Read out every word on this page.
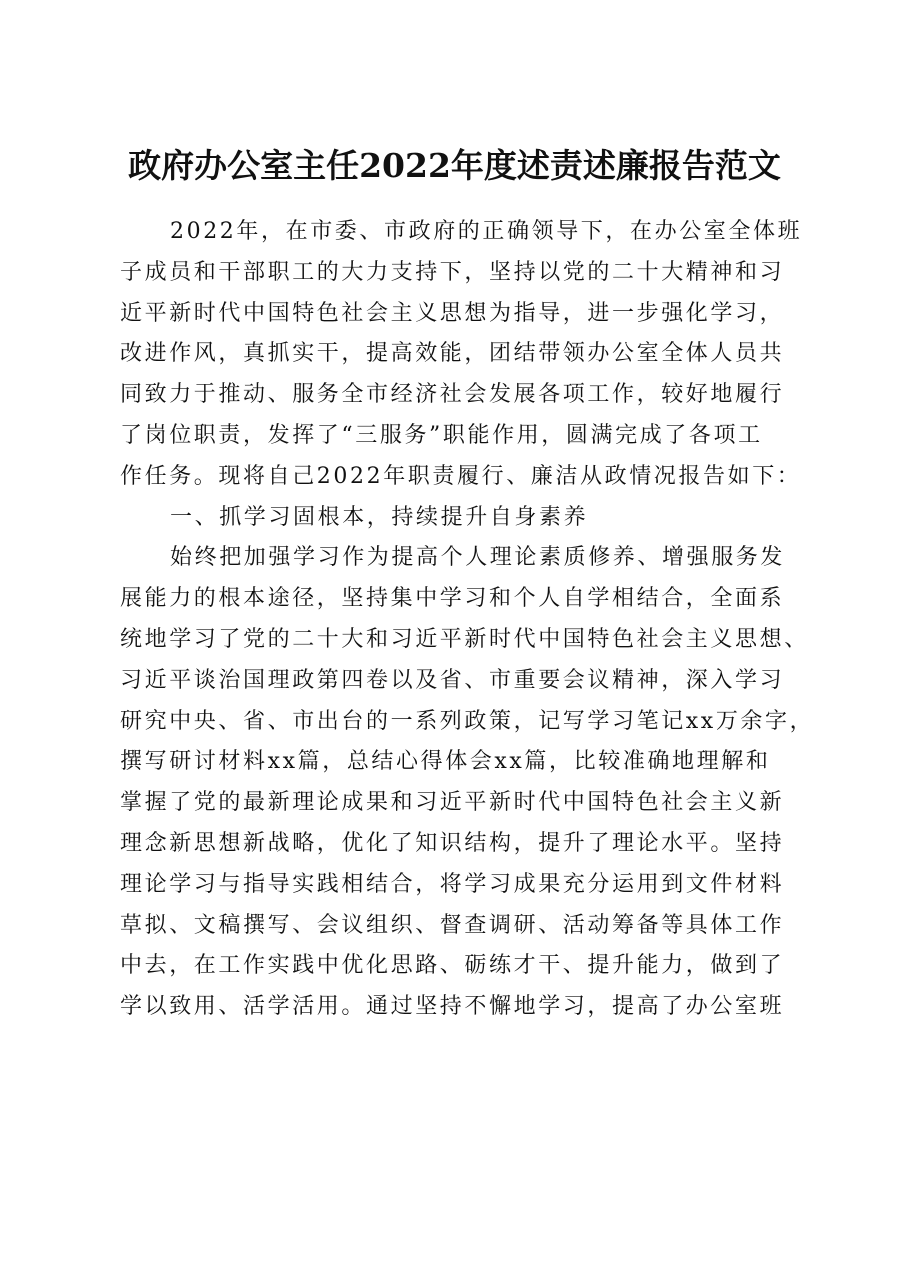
政府办公室主任2022年度述责述廉报告范文
2022年，在市委、市政府的正确领导下，在办公室全体班
子成员和干部职工的大力支持下，坚持以党的二十大精神和习
近平新时代中国特色社会主义思想为指导，进一步强化学习，
改进作风，真抓实干，提高效能，团结带领办公室全体人员共
同致力于推动、服务全市经济社会发展各项工作，较好地履行
了岗位职责，发挥了“三服务”职能作用，圆满完成了各项工
作任务。现将自己2022年职责履行、廉洁从政情况报告如下：
一、抓学习固根本，持续提升自身素养
始终把加强学习作为提高个人理论素质修养、增强服务发
展能力的根本途径，坚持集中学习和个人自学相结合，全面系
统地学习了党的二十大和习近平新时代中国特色社会主义思想、
习近平谈治国理政第四卷以及省、市重要会议精神，深入学习
研究中央、省、市出台的一系列政策，记写学习笔记xx万余字，
撰写研讨材料xx篇，总结心得体会xx篇，比较准确地理解和
掌握了党的最新理论成果和习近平新时代中国特色社会主义新
理念新思想新战略，优化了知识结构，提升了理论水平。坚持
理论学习与指导实践相结合，将学习成果充分运用到文件材料
草拟、文稿撰写、会议组织、督查调研、活动筹备等具体工作
中去，在工作实践中优化思路、砺练才干、提升能力，做到了
学以致用、活学活用。通过坚持不懈地学习，提高了办公室班
